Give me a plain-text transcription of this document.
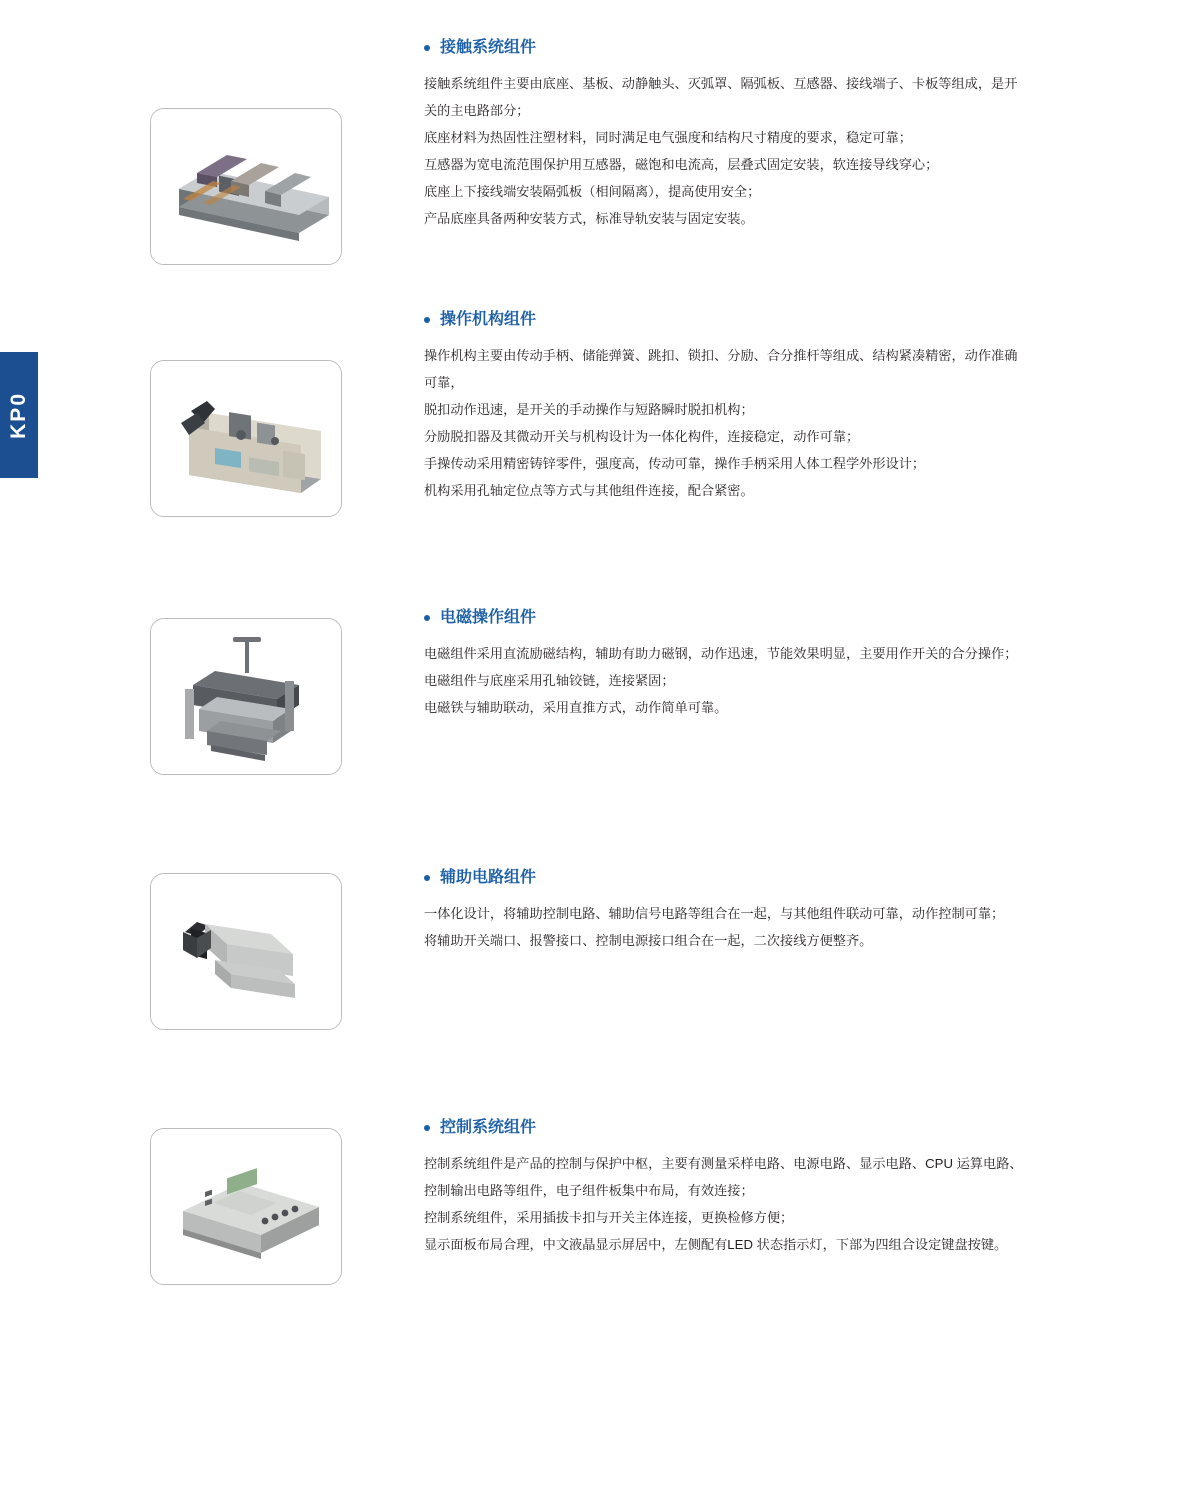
KP0
接触系统组件

接触系统组件主要由底座、基板、动静触头、灭弧罩、隔弧板、互感器、接线端子、卡板等组成，是开
关的主电路部分；
底座材料为热固性注塑材料，同时满足电气强度和结构尺寸精度的要求，稳定可靠；
互感器为宽电流范围保护用互感器，磁饱和电流高，层叠式固定安装，软连接导线穿心；
底座上下接线端安装隔弧板（相间隔离），提高使用安全；
产品底座具备两种安装方式，标准导轨安装与固定安装。

操作机构组件

操作机构主要由传动手柄、储能弹簧、跳扣、锁扣、分励、合分推杆等组成、结构紧凑精密，动作准确
可靠，
脱扣动作迅速，是开关的手动操作与短路瞬时脱扣机构；
分励脱扣器及其微动开关与机构设计为一体化构件，连接稳定，动作可靠；
手操传动采用精密铸锌零件，强度高，传动可靠，操作手柄采用人体工程学外形设计；
机构采用孔轴定位点等方式与其他组件连接，配合紧密。

电磁操作组件

电磁组件采用直流励磁结构，辅助有助力磁钢，动作迅速，节能效果明显，主要用作开关的合分操作；
电磁组件与底座采用孔轴铰链，连接紧固；
电磁铁与辅助联动，采用直推方式，动作简单可靠。

辅助电路组件

一体化设计，将辅助控制电路、辅助信号电路等组合在一起，与其他组件联动可靠，动作控制可靠；
将辅助开关端口、报警接口、控制电源接口组合在一起，二次接线方便整齐。

控制系统组件

控制系统组件是产品的控制与保护中枢，主要有测量采样电路、电源电路、显示电路、CPU 运算电路、
控制输出电路等组件，电子组件板集中布局，有效连接；
控制系统组件，采用插拔卡扣与开关主体连接，更换检修方便；
显示面板布局合理，中文液晶显示屏居中，左侧配有LED 状态指示灯，下部为四组合设定键盘按键。
